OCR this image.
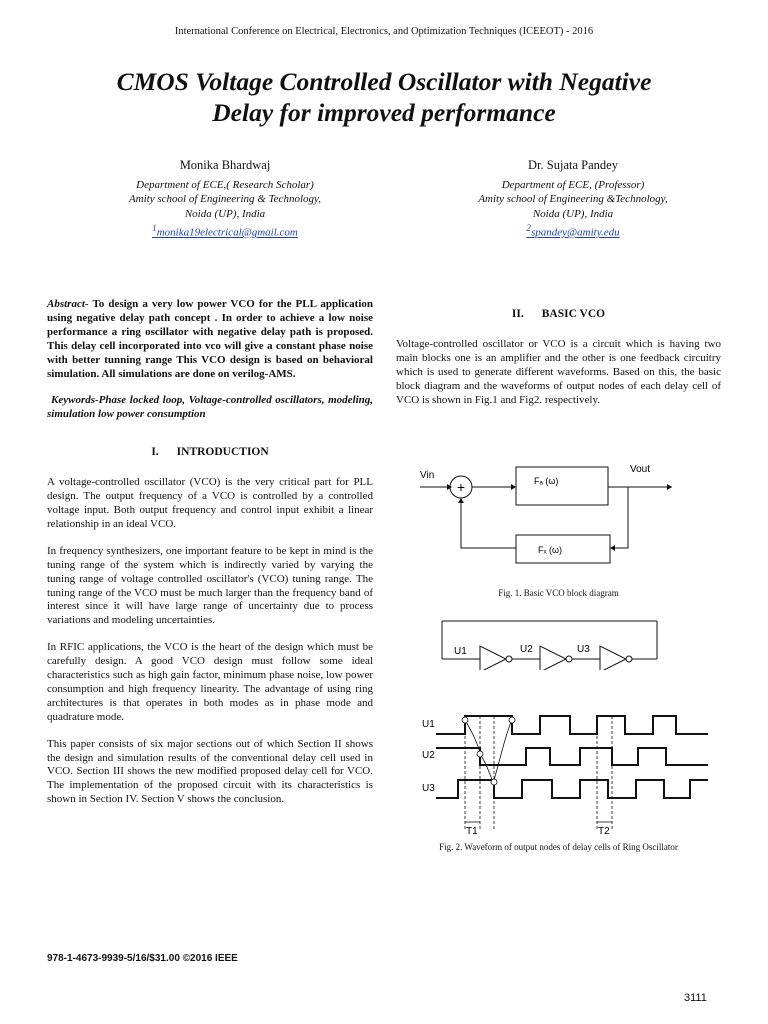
International Conference on Electrical, Electronics, and Optimization Techniques (ICEEOT) - 2016
CMOS Voltage Controlled Oscillator with Negative
Delay for improved performance
Monika Bhardwaj
Department of ECE,( Research Scholar)
Amity school of Engineering & Technology,
Noida (UP), India
$^1$monika19electrical@gmail.com
Dr. Sujata Pandey
Department of ECE, (Professor)
Amity school of Engineering &Technology,
Noida (UP), India
$^2$spandey@amity.edu

Abstract- To design a very low power VCO for the PLL application using negative delay path concept . In order to achieve a low noise performance a ring oscillator with negative delay path is proposed. This delay cell incorporated into vco will give a constant phase noise with better tunning range This VCO design is based on behavioral simulation. All simulations are done on verilog-AMS.

Keywords-Phase locked loop, Voltage-controlled oscillators, modeling, simulation low power consumption

I. INTRODUCTION

A voltage-controlled oscillator (VCO) is the very critical part for PLL design. The output frequency of a VCO is controlled by a controlled voltage input. Both output frequency and control input exhibit a linear relationship in an ideal VCO.

In frequency synthesizers, one important feature to be kept in mind is the tuning range of the system which is indirectly varied by varying the tuning range of voltage controlled oscillator's (VCO) tuning range. The tuning range of the VCO must be much larger than the frequency band of interest since it will have large range of uncertainty due to process variations and modeling uncertainties.

In RFIC applications, the VCO is the heart of the design which must be carefully design. A good VCO design must follow some ideal characteristics such as high gain factor, minimum phase noise, low power consumption and high frequency linearity. The advantage of using ring architectures is that operates in both modes as in phase mode and quadrature mode.

This paper consists of six major sections out of which Section II shows the design and simulation results of the conventional delay cell used in VCO. Section III shows the new modified proposed delay cell for VCO. The implementation of the proposed circuit with its characteristics is shown in Section IV. Section V shows the conclusion.

II. BASIC VCO

Voltage-controlled oscillator or VCO is a circuit which is having two main blocks one is an amplifier and the other is one feedback circuitry which is used to generate different waveforms. Based on this, the basic block diagram and the waveforms of output nodes of each delay cell of VCO is shown in Fig.1 and Fig2. respectively.

Vin
+	Fₐ (ω)
Vout
Fₓ (ω)
Fig. 1. Basic VCO block diagram
U1	U2	U3
U1
U2
U3
T1	T2
Fig. 2. Waveform of output nodes of delay cells of Ring Oscillator
978-1-4673-9939-5/16/$31.00 ©2016 IEEE
3111
